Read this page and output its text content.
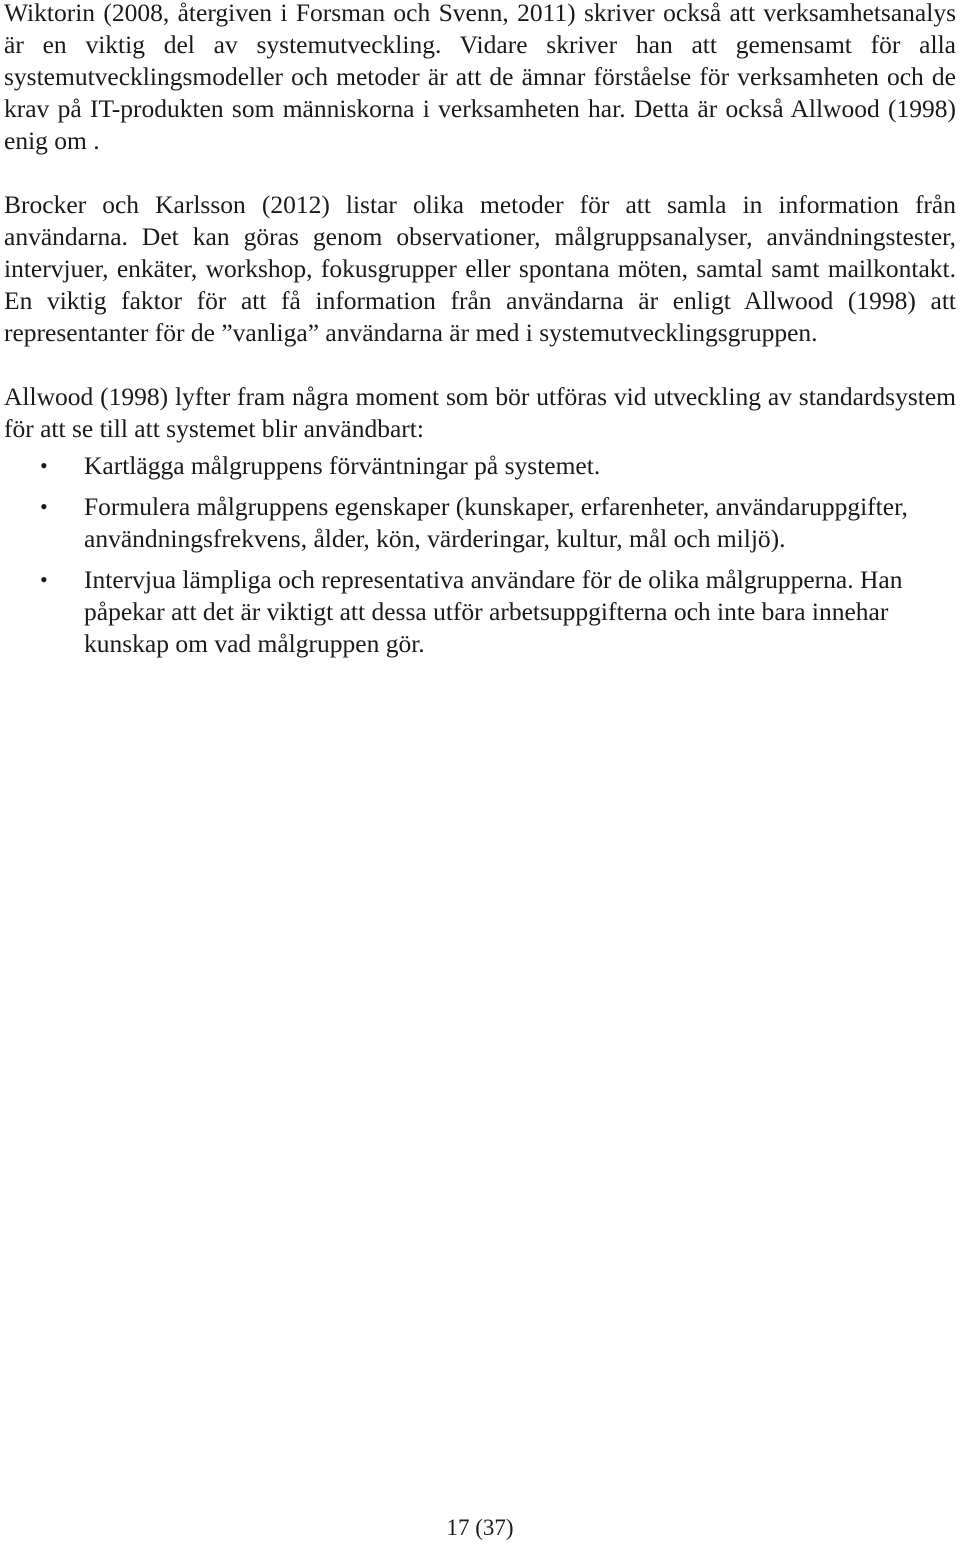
Wiktorin (2008, återgiven i Forsman och Svenn, 2011) skriver också att verksamhetsanalys är en viktig del av systemutveckling. Vidare skriver han att gemensamt för alla systemutvecklingsmodeller och metoder är att de ämnar förståelse för verksamheten och de krav på IT-produkten som människorna i verksamheten har. Detta är också Allwood (1998) enig om .

Brocker och Karlsson (2012) listar olika metoder för att samla in information från användarna. Det kan göras genom observationer, målgruppsanalyser, användningstester, intervjuer, enkäter, workshop, fokusgrupper eller spontana möten, samtal samt mailkontakt. En viktig faktor för att få information från användarna är enligt Allwood (1998) att representanter för de ”vanliga” användarna är med i systemutvecklingsgruppen.

Allwood (1998) lyfter fram några moment som bör utföras vid utveckling av standardsystem för att se till att systemet blir användbart:

• Kartlägga målgruppens förväntningar på systemet.
• Formulera målgruppens egenskaper (kunskaper, erfarenheter, användaruppgifter, användningsfrekvens, ålder, kön, värderingar, kultur, mål och miljö).
• Intervjua lämpliga och representativa användare för de olika målgrupperna. Han påpekar att det är viktigt att dessa utför arbetsuppgifterna och inte bara innehar kunskap om vad målgruppen gör.
17 (37)
